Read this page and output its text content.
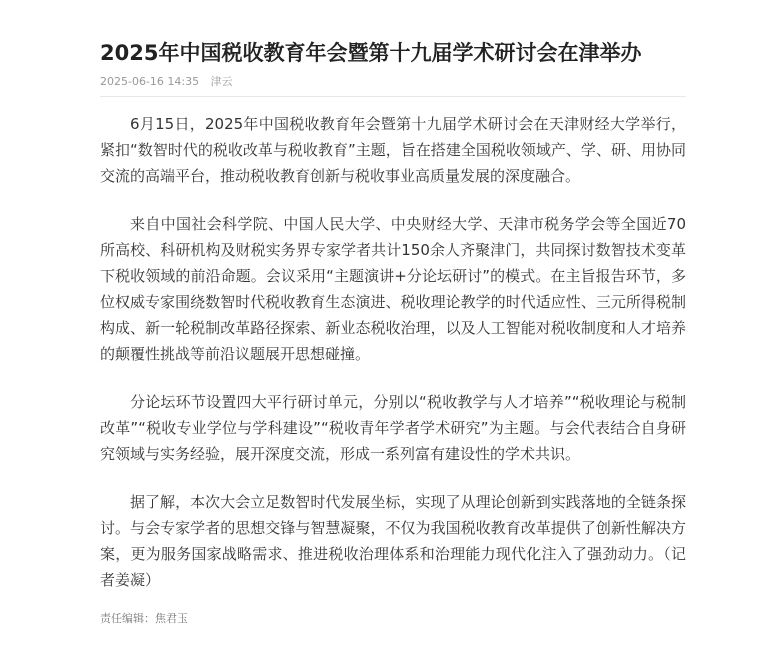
2025年中国税收教育年会暨第十九届学术研讨会在津举办
2025-06-16 14:35 津云

6月15日，2025年中国税收教育年会暨第十九届学术研讨会在天津财经大学举行，紧扣“数智时代的税收改革与税收教育”主题，旨在搭建全国税收领域产、学、研、用协同交流的高端平台，推动税收教育创新与税收事业高质量发展的深度融合。

来自中国社会科学院、中国人民大学、中央财经大学、天津市税务学会等全国近70所高校、科研机构及财税实务界专家学者共计150余人齐聚津门，共同探讨数智技术变革下税收领域的前沿命题。会议采用“主题演讲+分论坛研讨”的模式。在主旨报告环节，多位权威专家围绕数智时代税收教育生态演进、税收理论教学的时代适应性、三元所得税制构成、新一轮税制改革路径探索、新业态税收治理，以及人工智能对税收制度和人才培养的颠覆性挑战等前沿议题展开思想碰撞。

分论坛环节设置四大平行研讨单元，分别以“税收教学与人才培养”“税收理论与税制改革”“税收专业学位与学科建设”“税收青年学者学术研究”为主题。与会代表结合自身研究领域与实务经验，展开深度交流，形成一系列富有建设性的学术共识。

据了解，本次大会立足数智时代发展坐标，实现了从理论创新到实践落地的全链条探讨。与会专家学者的思想交锋与智慧凝聚，不仅为我国税收教育改革提供了创新性解决方案，更为服务国家战略需求、推进税收治理体系和治理能力现代化注入了强劲动力。（记者姜凝）

责任编辑：焦君玉
